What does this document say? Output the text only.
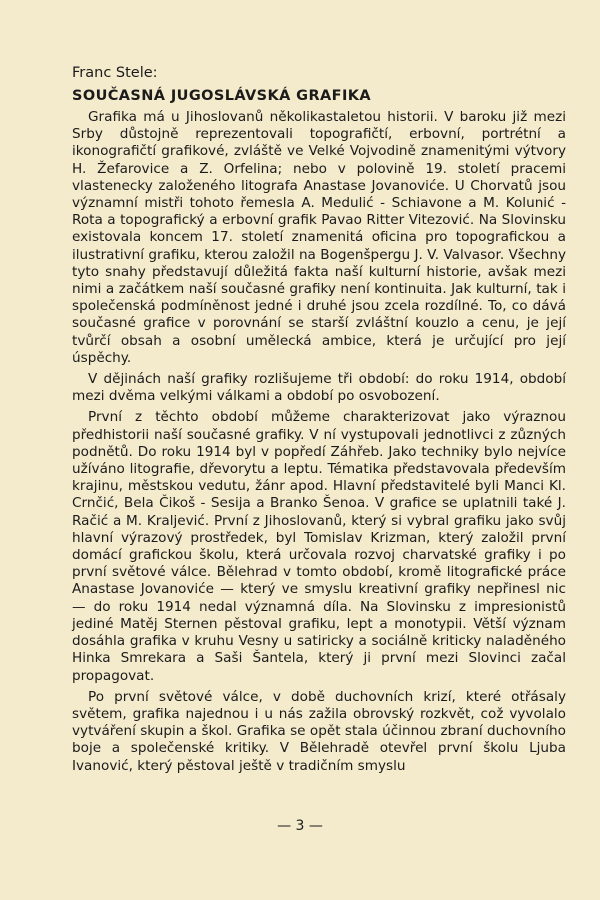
Franc Stele:
SOUČASNÁ JUGOSLÁVSKÁ GRAFIKA

Grafika má u Jihoslovanů několikastaletou historii. V baroku již mezi Srby důstojně reprezentovali topografičtí, erbovní, portrétní a ikonografičtí grafikové, zvláště ve Velké Vojvodině znamenitými výtvory H. Žefarovice a Z. Orfelina; nebo v polovině 19. století pracemi vlastenecky založeného litografa Anastase Jovanoviće. U Chorvatů jsou významní mistři tohoto řemesla A. Medulić - Schiavone a M. Kolunić - Rota a topografický a erbovní grafik Pavao Ritter Vitezović. Na Slovinsku existovala koncem 17. století znamenitá oficina pro topografickou a ilustrativní grafiku, kterou založil na Bogenšpergu J. V. Valvasor. Všechny tyto snahy představují důležitá fakta naší kulturní historie, avšak mezi nimi a začátkem naší současné grafiky není kontinuita. Jak kulturní, tak i společenská podmíněnost jedné i druhé jsou zcela rozdílné. To, co dává současné grafice v porovnání se starší zvláštní kouzlo a cenu, je její tvůrčí obsah a osobní umělecká ambice, která je určující pro její úspěchy.

V dějinách naší grafiky rozlišujeme tři období: do roku 1914, období mezi dvěma velkými válkami a období po osvobození.

První z těchto období můžeme charakterizovat jako výraznou předhistorii naší současné grafiky. V ní vystupovali jednotlivci z zůzných podnětů. Do roku 1914 byl v popředí Záhřeb. Jako techniky bylo nejvíce užíváno litografie, dřevorytu a leptu. Tématika představovala především krajinu, městskou vedutu, žánr apod. Hlavní představitelé byli Manci Kl. Crnčić, Bela Čikoš - Sesija a Branko Šenoa. V grafice se uplatnili také J. Račić a M. Kraljević. První z Jihoslovanů, který si vybral grafiku jako svůj hlavní výrazový prostředek, byl Tomislav Krizman, který založil první domácí grafickou školu, která určovala rozvoj charvatské grafiky i po první světové válce. Bělehrad v tomto období, kromě litografické práce Anastase Jovanoviće — který ve smyslu kreativní grafiky nepřinesl nic — do roku 1914 nedal významná díla. Na Slovinsku z impresionistů jediné Matěj Sternen pěstoval grafiku, lept a monotypii. Větší význam dosáhla grafika v kruhu Vesny u satiricky a sociálně kriticky naladěného Hinka Smrekara a Saši Šantela, který ji první mezi Slovinci začal propagovat.

Po první světové válce, v době duchovních krizí, které otřásaly světem, grafika najednou i u nás zažila obrovský rozkvět, což vyvolalo vytváření skupin a škol. Grafika se opět stala účinnou zbraní duchovního boje a společenské kritiky. V Bělehradě otevřel první školu Ljuba Ivanović, který pěstoval ještě v tradičním smyslu

— 3 —
